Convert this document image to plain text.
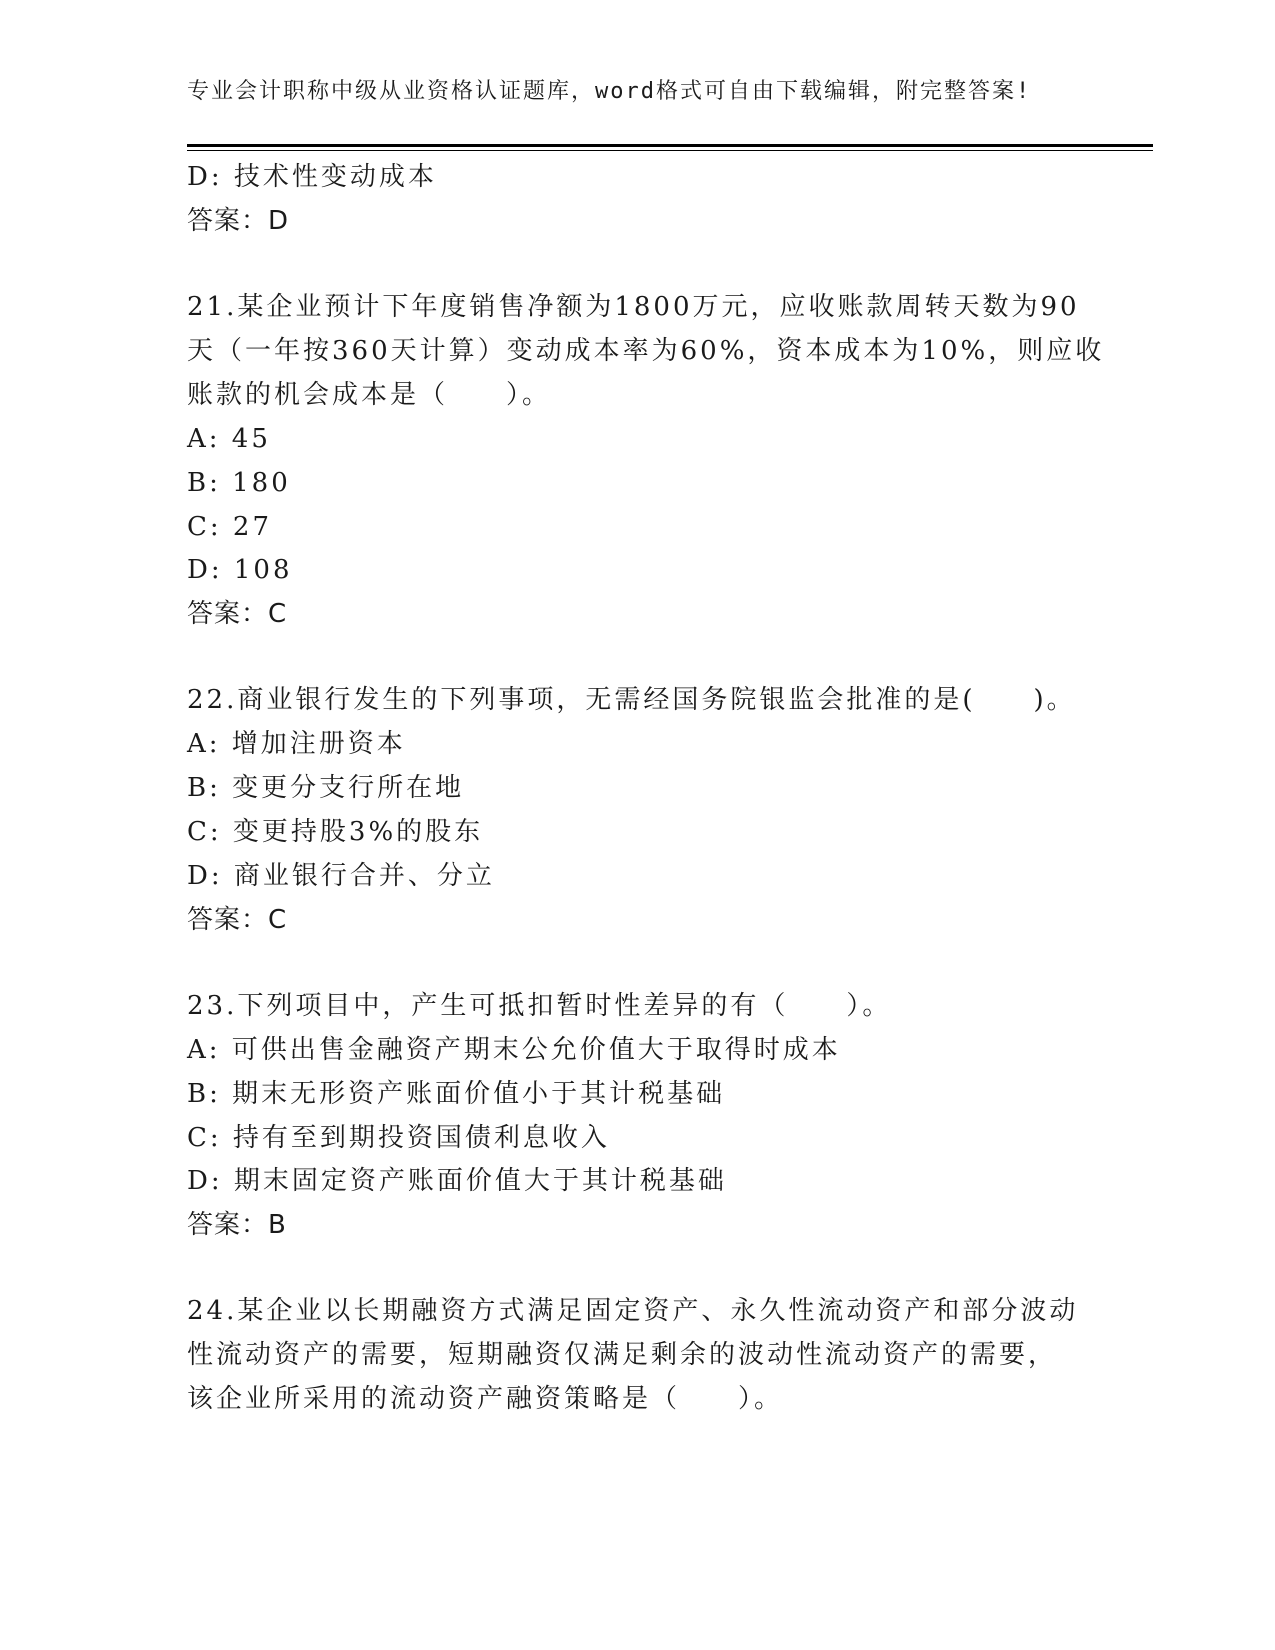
专业会计职称中级从业资格认证题库，word格式可自由下载编辑，附完整答案!
D: 技术性变动成本
答案：D
21.某企业预计下年度销售净额为1800万元，应收账款周转天数为90
天（一年按360天计算）变动成本率为60%，资本成本为10%，则应收
账款的机会成本是（　　）。
A: 45
B: 180
C: 27
D: 108
答案：C
22.商业银行发生的下列事项，无需经国务院银监会批准的是(　　)。
A: 增加注册资本
B: 变更分支行所在地
C: 变更持股3%的股东
D: 商业银行合并、分立
答案：C
23.下列项目中，产生可抵扣暂时性差异的有（　　）。
A: 可供出售金融资产期末公允价值大于取得时成本
B: 期末无形资产账面价值小于其计税基础
C: 持有至到期投资国债利息收入
D: 期末固定资产账面价值大于其计税基础
答案：B
24.某企业以长期融资方式满足固定资产、永久性流动资产和部分波动
性流动资产的需要，短期融资仅满足剩余的波动性流动资产的需要，
该企业所采用的流动资产融资策略是（　　）。
